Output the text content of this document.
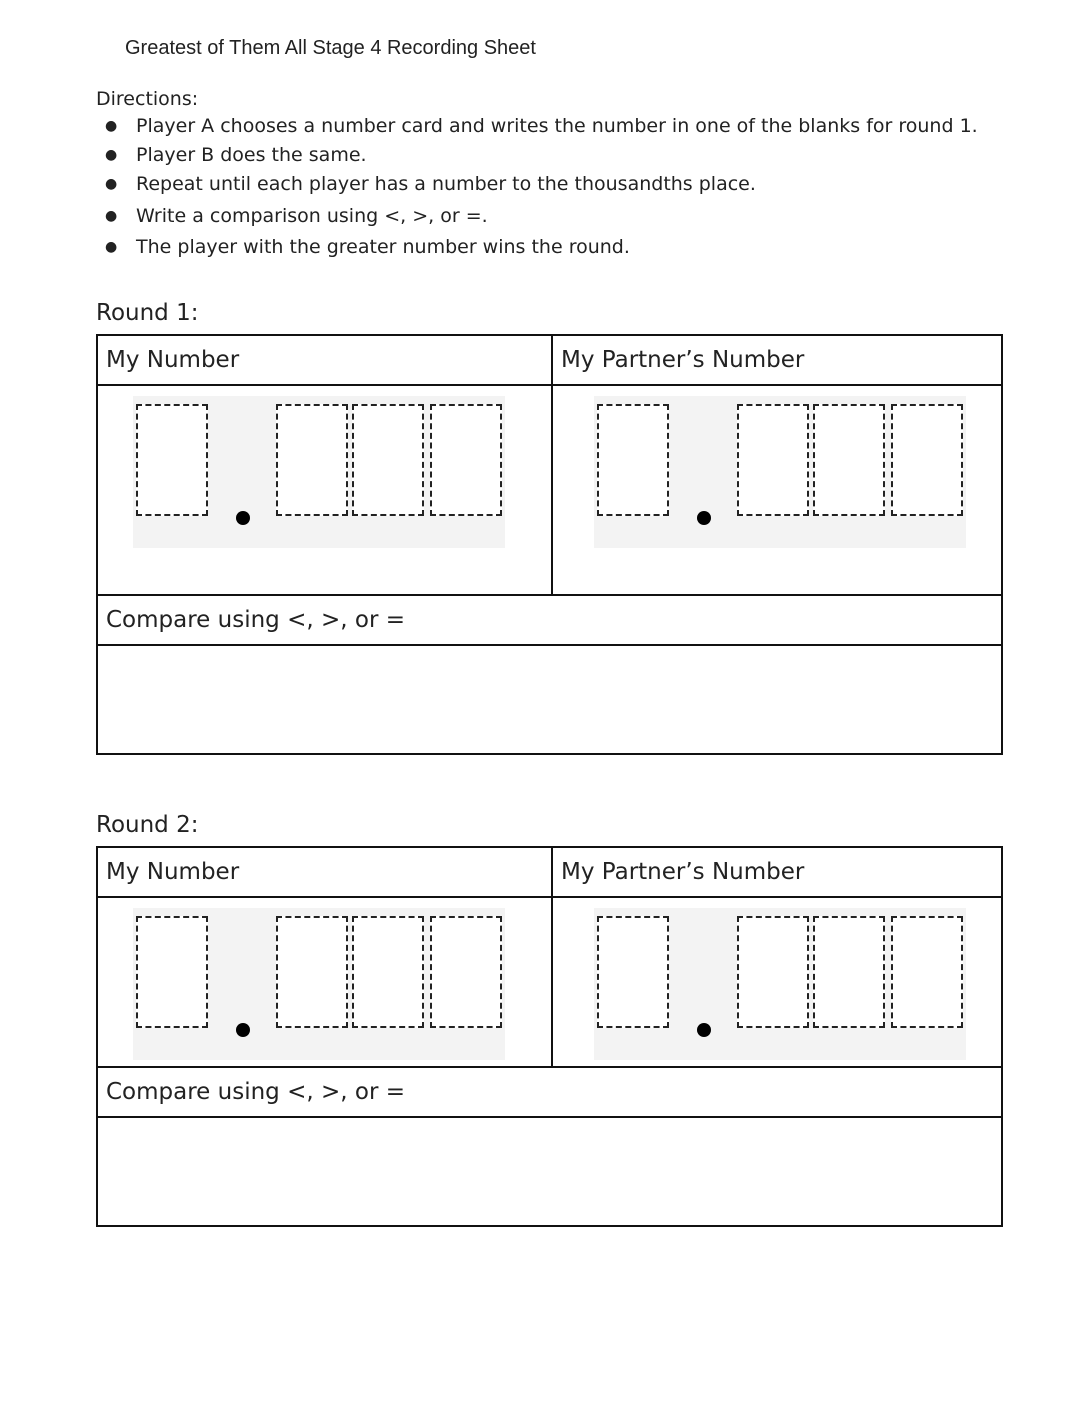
Greatest of Them All Stage 4 Recording Sheet
Directions:
● Player A chooses a number card and writes the number in one of the blanks for round 1.
● Player B does the same.
● Repeat until each player has a number to the thousandths place.
● Write a comparison using <, >, or =.
● The player with the greater number wins the round.
Round 1:
My Number	My Partner’s Number

Compare using <, >, or =	

Round 2:
My Number	My Partner’s Number

Compare using <, >, or =	
